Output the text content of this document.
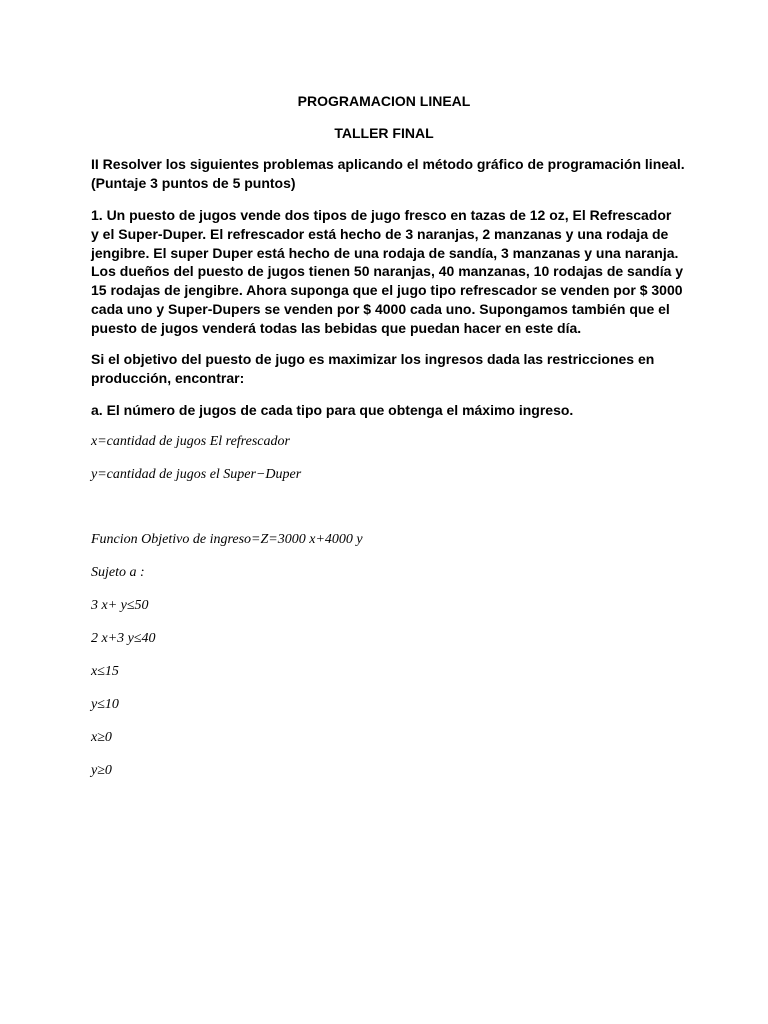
PROGRAMACION LINEAL
TALLER FINAL
II Resolver los siguientes problemas aplicando el método gráfico de programación lineal.
(Puntaje 3 puntos de 5 puntos)
1. Un puesto de jugos vende dos tipos de jugo fresco en tazas de 12 oz, El Refrescador
y el Super-Duper. El refrescador está hecho de 3 naranjas, 2 manzanas y una rodaja de
jengibre. El super Duper está hecho de una rodaja de sandía, 3 manzanas y una naranja.
Los dueños del puesto de jugos tienen 50 naranjas, 40 manzanas, 10 rodajas de sandía y
15 rodajas de jengibre. Ahora suponga que el jugo tipo refrescador se venden por $ 3000
cada uno y Super-Dupers se venden por $ 4000 cada uno. Supongamos también que el
puesto de jugos venderá todas las bebidas que puedan hacer en este día.
Si el objetivo del puesto de jugo es maximizar los ingresos dada las restricciones en
producción, encontrar:
a. El número de jugos de cada tipo para que obtenga el máximo ingreso.
x=cantidad de jugos El refrescador
y=cantidad de jugos el Super−Duper
Funcion Objetivo de ingreso=Z=3000 x+4000 y
Sujeto a :
3 x+ y≤50
2 x+3 y≤40
x≤15
y≤10
x≥0
y≥0
